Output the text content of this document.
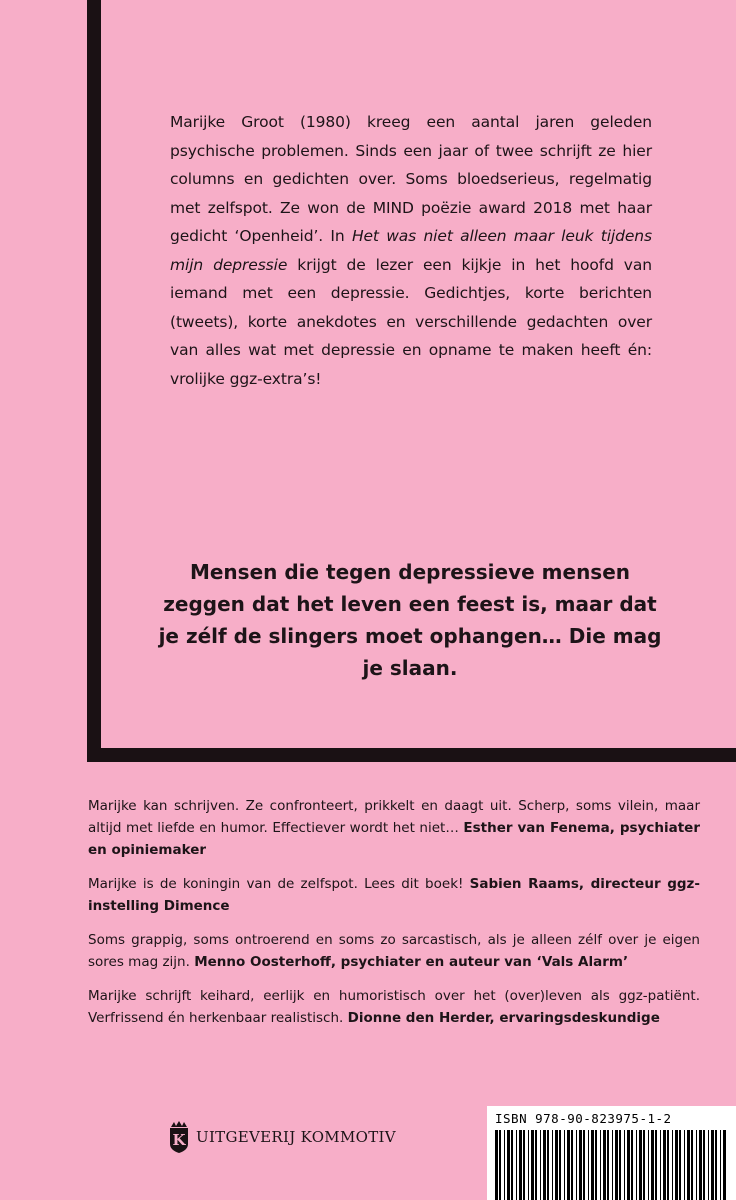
Marijke Groot (1980) kreeg een aantal jaren geleden psychische problemen. Sinds een jaar of twee schrijft ze hier columns en gedichten over. Soms bloedserieus, regelmatig met zelfspot. Ze won de MIND poëzie award 2018 met haar gedicht ‘Openheid’. In Het was niet alleen maar leuk tijdens mijn depressie krijgt de lezer een kijkje in het hoofd van iemand met een depressie. Gedichtjes, korte berichten (tweets), korte anekdotes en verschillende gedachten over van alles wat met depressie en opname te maken heeft én: vrolijke ggz-extra’s!

Mensen die tegen depressieve mensen zeggen dat het leven een feest is, maar dat je zélf de slingers moet ophangen… Die mag je slaan.

Marijke kan schrijven. Ze confronteert, prikkelt en daagt uit. Scherp, soms vilein, maar altijd met liefde en humor. Effectiever wordt het niet… Esther van Fenema, psychiater en opiniemaker

Marijke is de koningin van de zelfspot. Lees dit boek! Sabien Raams, directeur ggz-instelling Dimence

Soms grappig, soms ontroerend en soms zo sarcastisch, als je alleen zélf over je eigen sores mag zijn. Menno Oosterhoff, psychiater en auteur van ‘Vals Alarm’

Marijke schrijft keihard, eerlijk en humoristisch over het (over)leven als ggz-patiënt. Verfrissend én herkenbaar realistisch. Dionne den Herder, ervaringsdeskundige

K UITGEVERIJ KOMMOTIV
ISBN 978-90-823975-1-2
